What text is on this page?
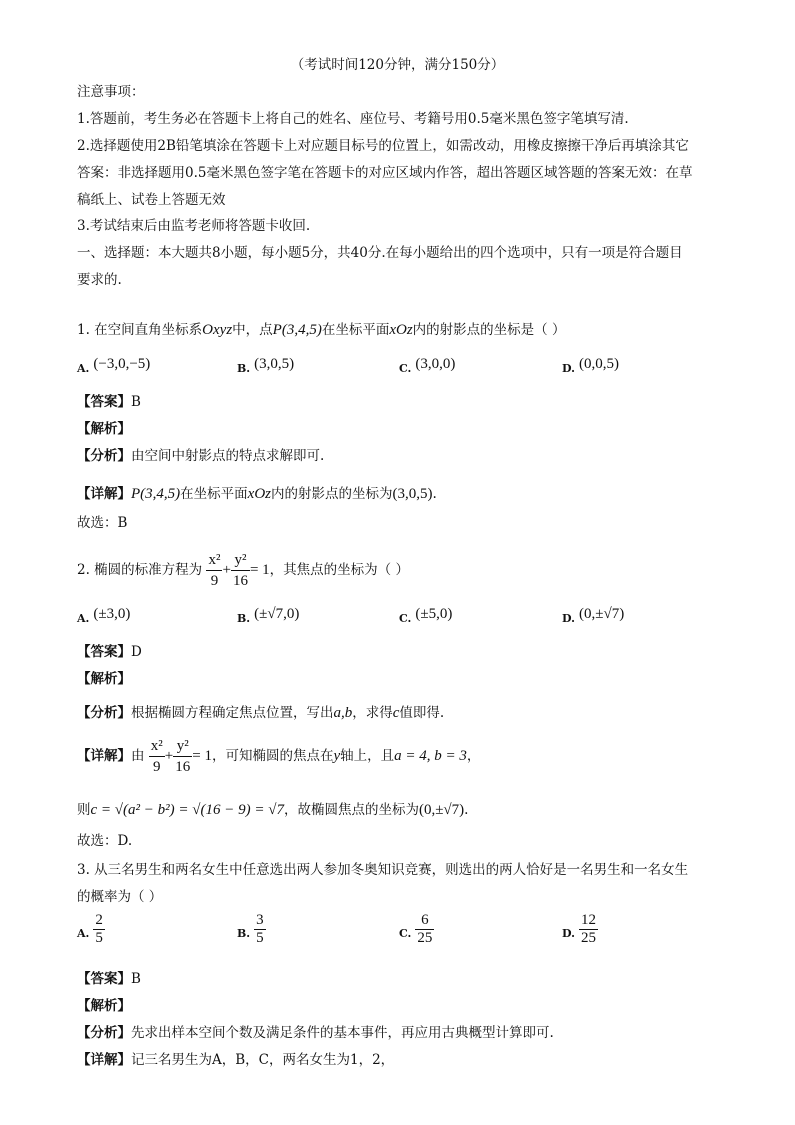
（考试时间120分钟，满分150分）
注意事项：
1.答题前，考生务必在答题卡上将自己的姓名、座位号、考籍号用0.5毫米黑色签字笔填写清.
2.选择题使用2B铅笔填涂在答题卡上对应题目标号的位置上，如需改动，用橡皮擦擦干净后再填涂其它
答案：非选择题用0.5毫米黑色签字笔在答题卡的对应区域内作答，超出答题区域答题的答案无效：在草
稿纸上、试卷上答题无效
3.考试结束后由监考老师将答题卡收回.
一、选择题：本大题共8小题，每小题5分，共40分.在每小题给出的四个选项中，只有一项是符合题目
要求的.
1. 在空间直角坐标系Oxyz中，点P(3,4,5)在坐标平面xOz内的射影点的坐标是（ ）
$_{A.}$ (−3,0,−5)	$_{B.}$ (3,0,5)	$_{C.}$ (3,0,0)	$_{D.}$ (0,0,5)
【答案】B
【解析】
【分析】由空间中射影点的特点求解即可.
【详解】P(3,4,5)在坐标平面xOz内的射影点的坐标为(3,0,5).
故选：B
2. 椭圆的标准方程为 $\frac{\text{x²}}{9} + \frac{\text{y²}}{16} = 1$，其焦点的坐标为（ ）
$_{A.}$ (±3,0)	$_{B.}$ (±√7,0)	$_{C.}$ (±5,0)	$_{D.}$ (0,±√7)
【答案】D
【解析】
【分析】根据椭圆方程确定焦点位置，写出a,b，求得c值即得.
【详解】由 $\frac{\text{x²}}{9} + \frac{\text{y²}}{16} = 1$，可知椭圆的焦点在y轴上，且a = 4, b = 3，
则c = √(a² − b²) = √(16 − 9) = √7，故椭圆焦点的坐标为(0,±√7).
故选：D.
3. 从三名男生和两名女生中任意选出两人参加冬奥知识竞赛，则选出的两人恰好是一名男生和一名女生
的概率为（ ）
$_{A.} \frac{2}{5}$	$_{B.} \frac{3}{5}$	$_{C.} \frac{6}{25}$	$_{D.} \frac{12}{25}$
【答案】B
【解析】
【分析】先求出样本空间个数及满足条件的基本事件，再应用古典概型计算即可.
【详解】记三名男生为A，B，C，两名女生为1，2，
